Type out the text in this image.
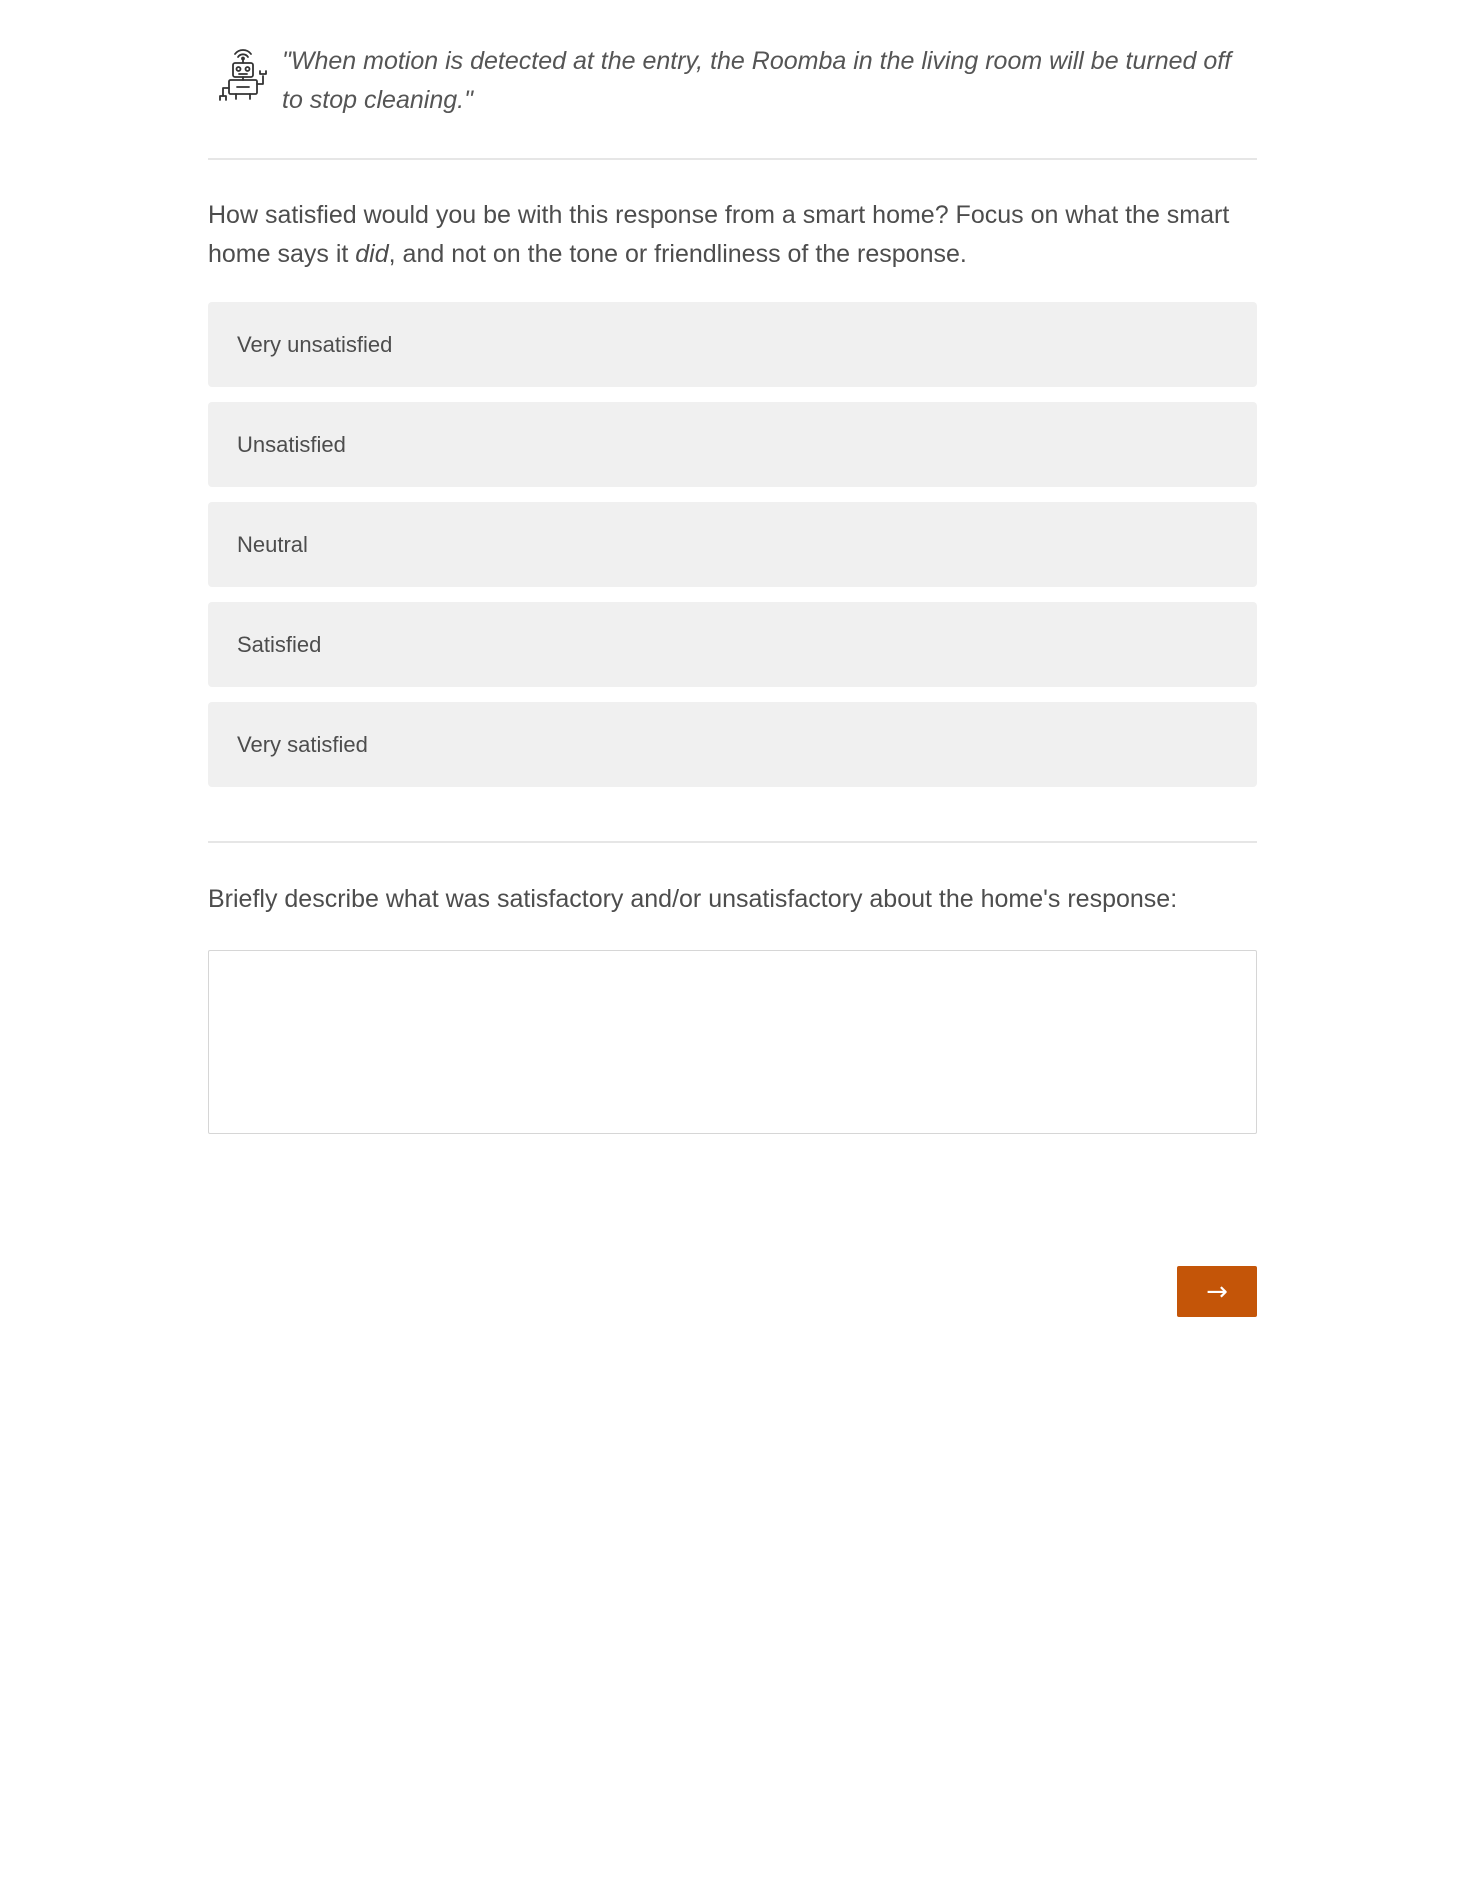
"When motion is detected at the entry, the Roomba in the living room will be turned off to stop cleaning."
How satisfied would you be with this response from a smart home? Focus on what the smart home says it did, and not on the tone or friendliness of the response.
Very unsatisfied
Unsatisfied
Neutral
Satisfied
Very satisfied
Briefly describe what was satisfactory and/or unsatisfactory about the home's response:
→
